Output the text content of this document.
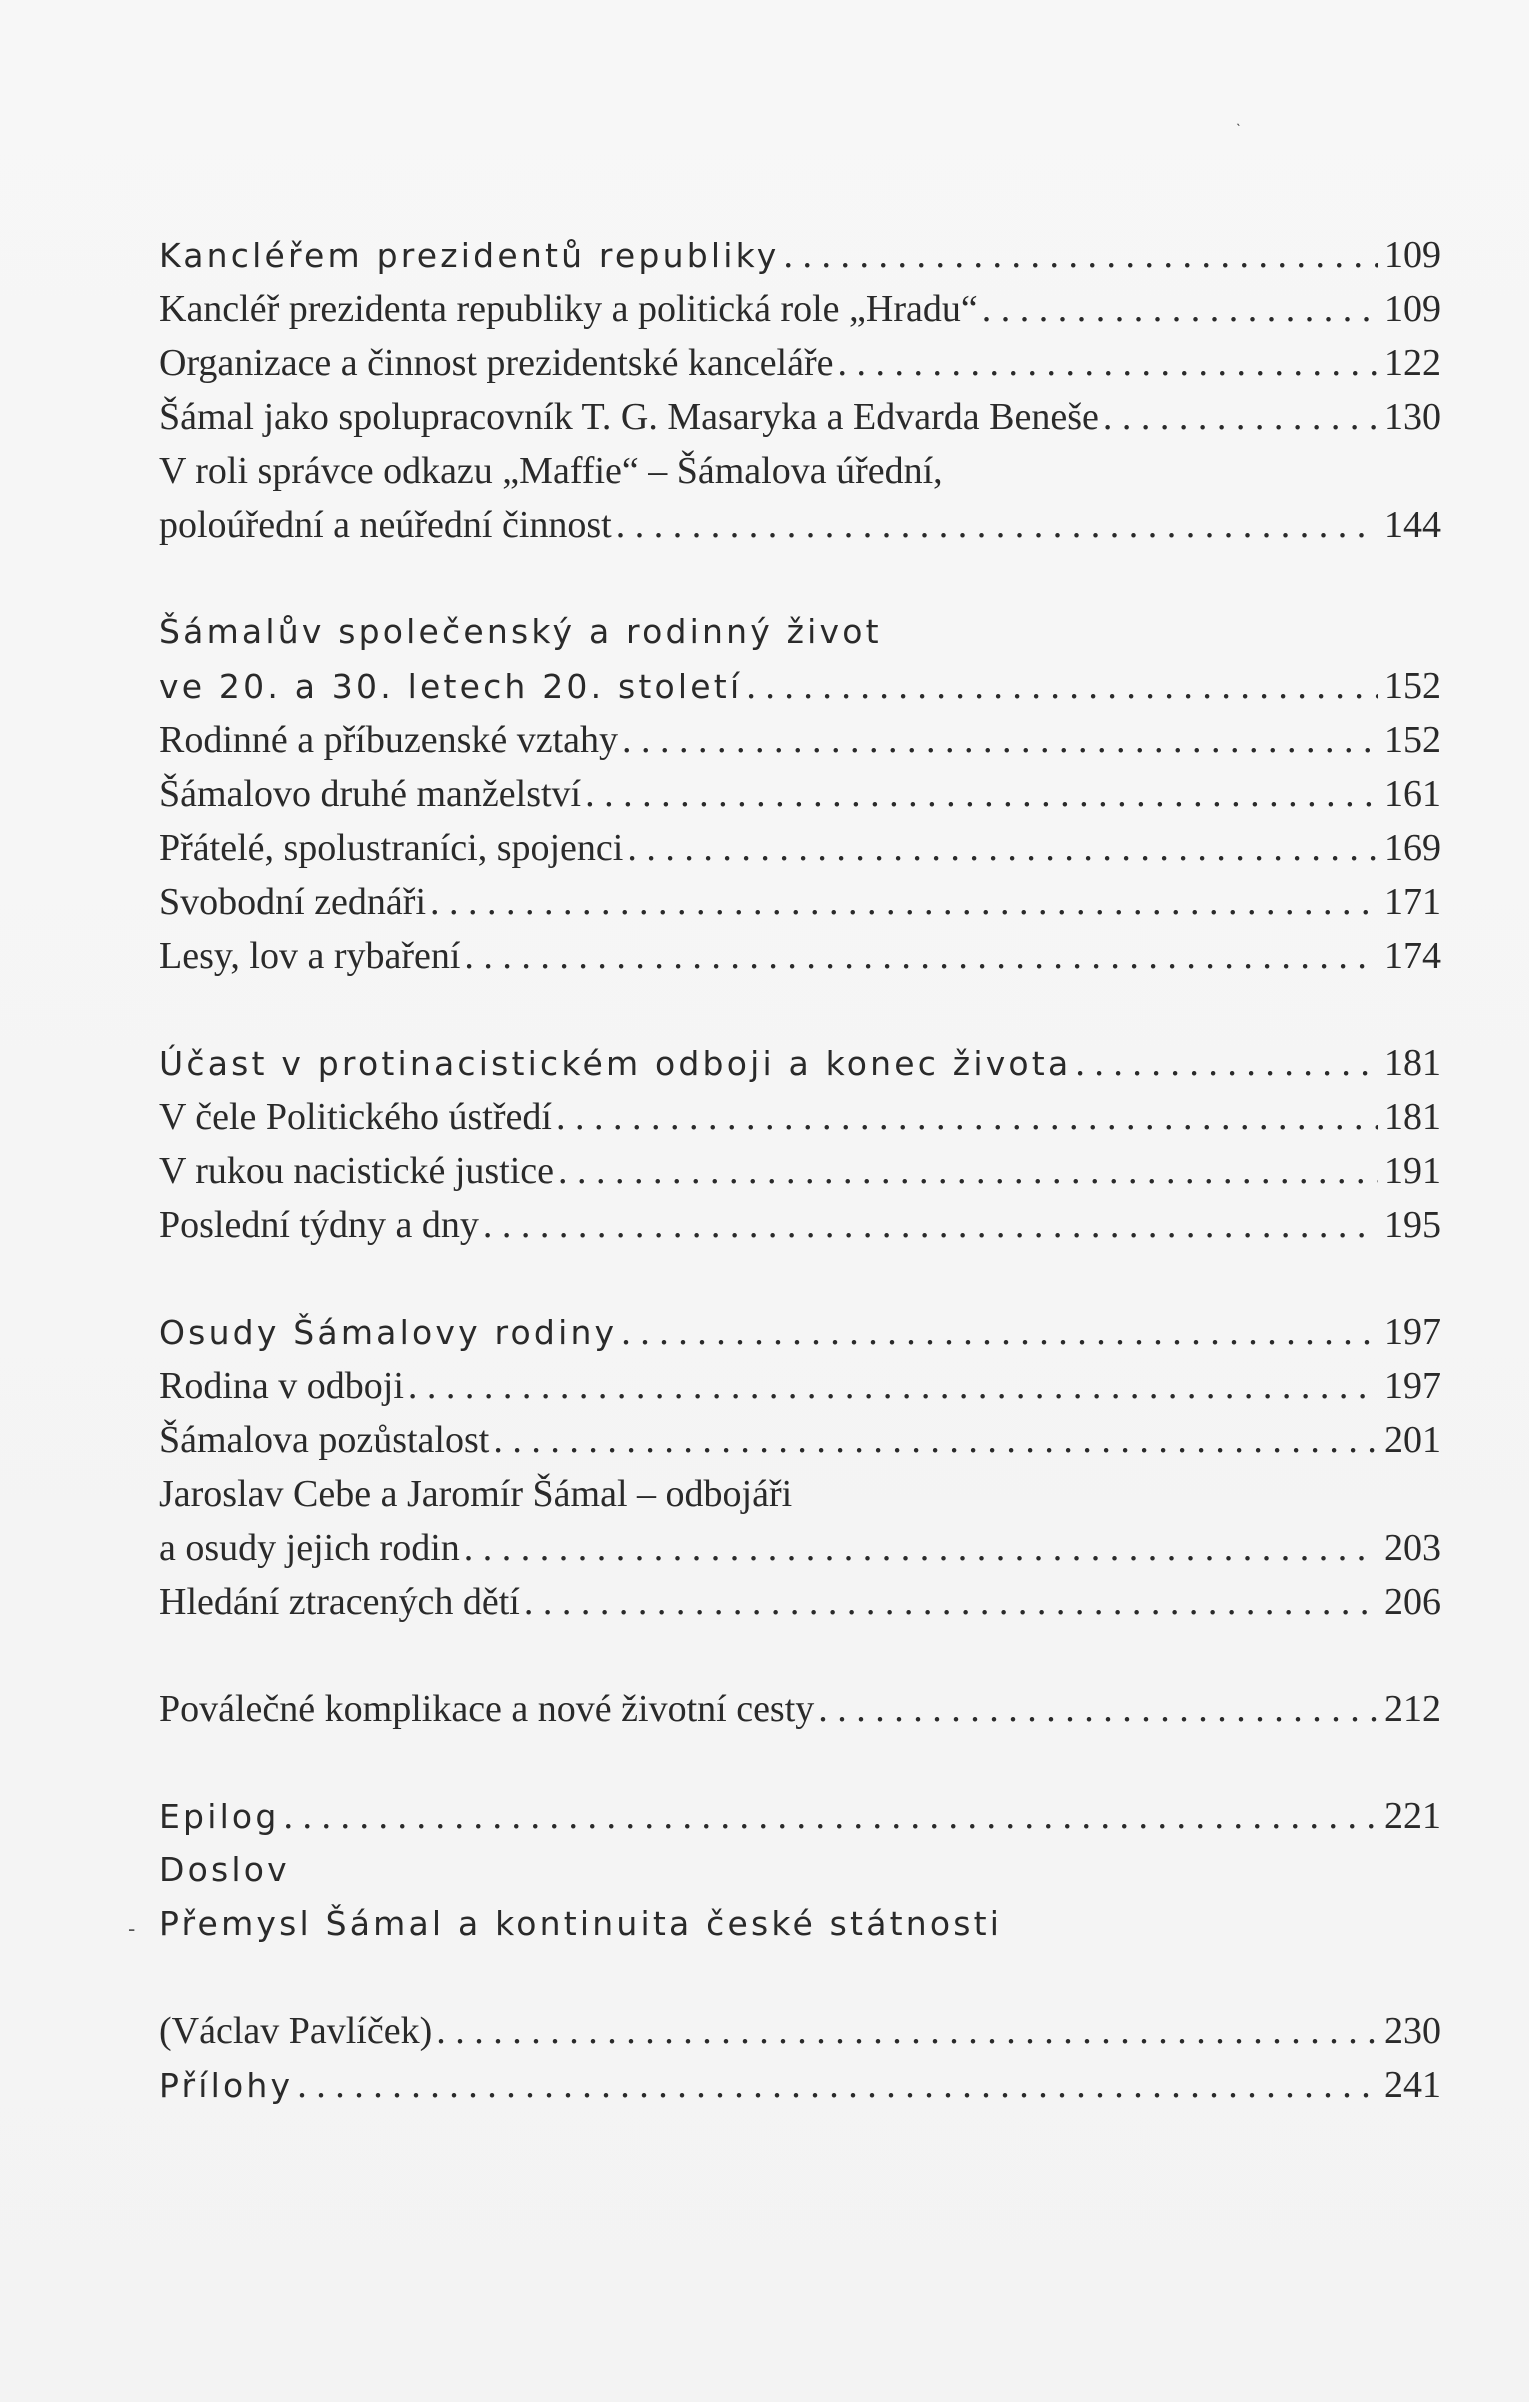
ˎ
-
Kancléřem prezidentů republiky . . .	109
Kancléř prezidenta republiky a politická role „Hradu“ . . .	109
Organizace a činnost prezidentské kanceláře . . .	122
Šámal jako spolupracovník T. G. Masaryka a Edvarda Beneše . . .	130
V roli správce odkazu „Maffie“ – Šámalova úřední,
poloúřední a neúřední činnost . . .	144
Šámalův společenský a rodinný život
ve 20. a 30. letech 20. století . . .	152
Rodinné a příbuzenské vztahy . . .	152
Šámalovo druhé manželství . . .	161
Přátelé, spolustraníci, spojenci . . .	169
Svobodní zednáři . . .	171
Lesy, lov a rybaření . . .	174
Účast v protinacistickém odboji a konec života . . .	181
V čele Politického ústředí . . .	181
V rukou nacistické justice . . .	191
Poslední týdny a dny . . .	195
Osudy Šámalovy rodiny . . .	197
Rodina v odboji . . .	197
Šámalova pozůstalost . . .	201
Jaroslav Cebe a Jaromír Šámal – odbojáři
a osudy jejich rodin . . .	203
Hledání ztracených dětí . . .	206
Poválečné komplikace a nové životní cesty . . .	212
Epilog . . .	221
Doslov
Přemysl Šámal a kontinuita české státnosti
(Václav Pavlíček) . . .	230
Přílohy . . .	241
